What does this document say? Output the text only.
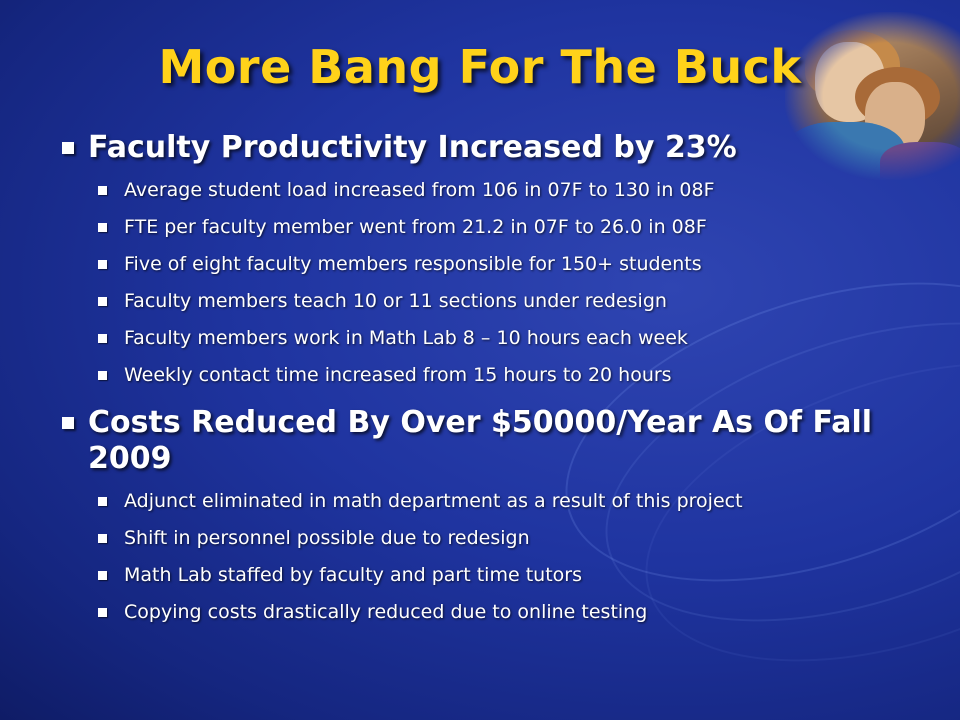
More Bang For The Buck
Faculty Productivity Increased by 23%
Average student load increased from 106 in 07F to 130 in 08F
FTE per faculty member went from 21.2 in 07F to 26.0 in 08F
Five of eight faculty members responsible for 150+ students
Faculty members teach 10 or 11 sections under redesign
Faculty members work in Math Lab 8 – 10 hours each week
Weekly contact time increased from 15 hours to 20 hours
Costs Reduced By Over $50000/Year As Of Fall 2009
Adjunct eliminated in math department as a result of this project
Shift in personnel possible due to redesign
Math Lab staffed by faculty and part time tutors
Copying costs drastically reduced due to online testing
